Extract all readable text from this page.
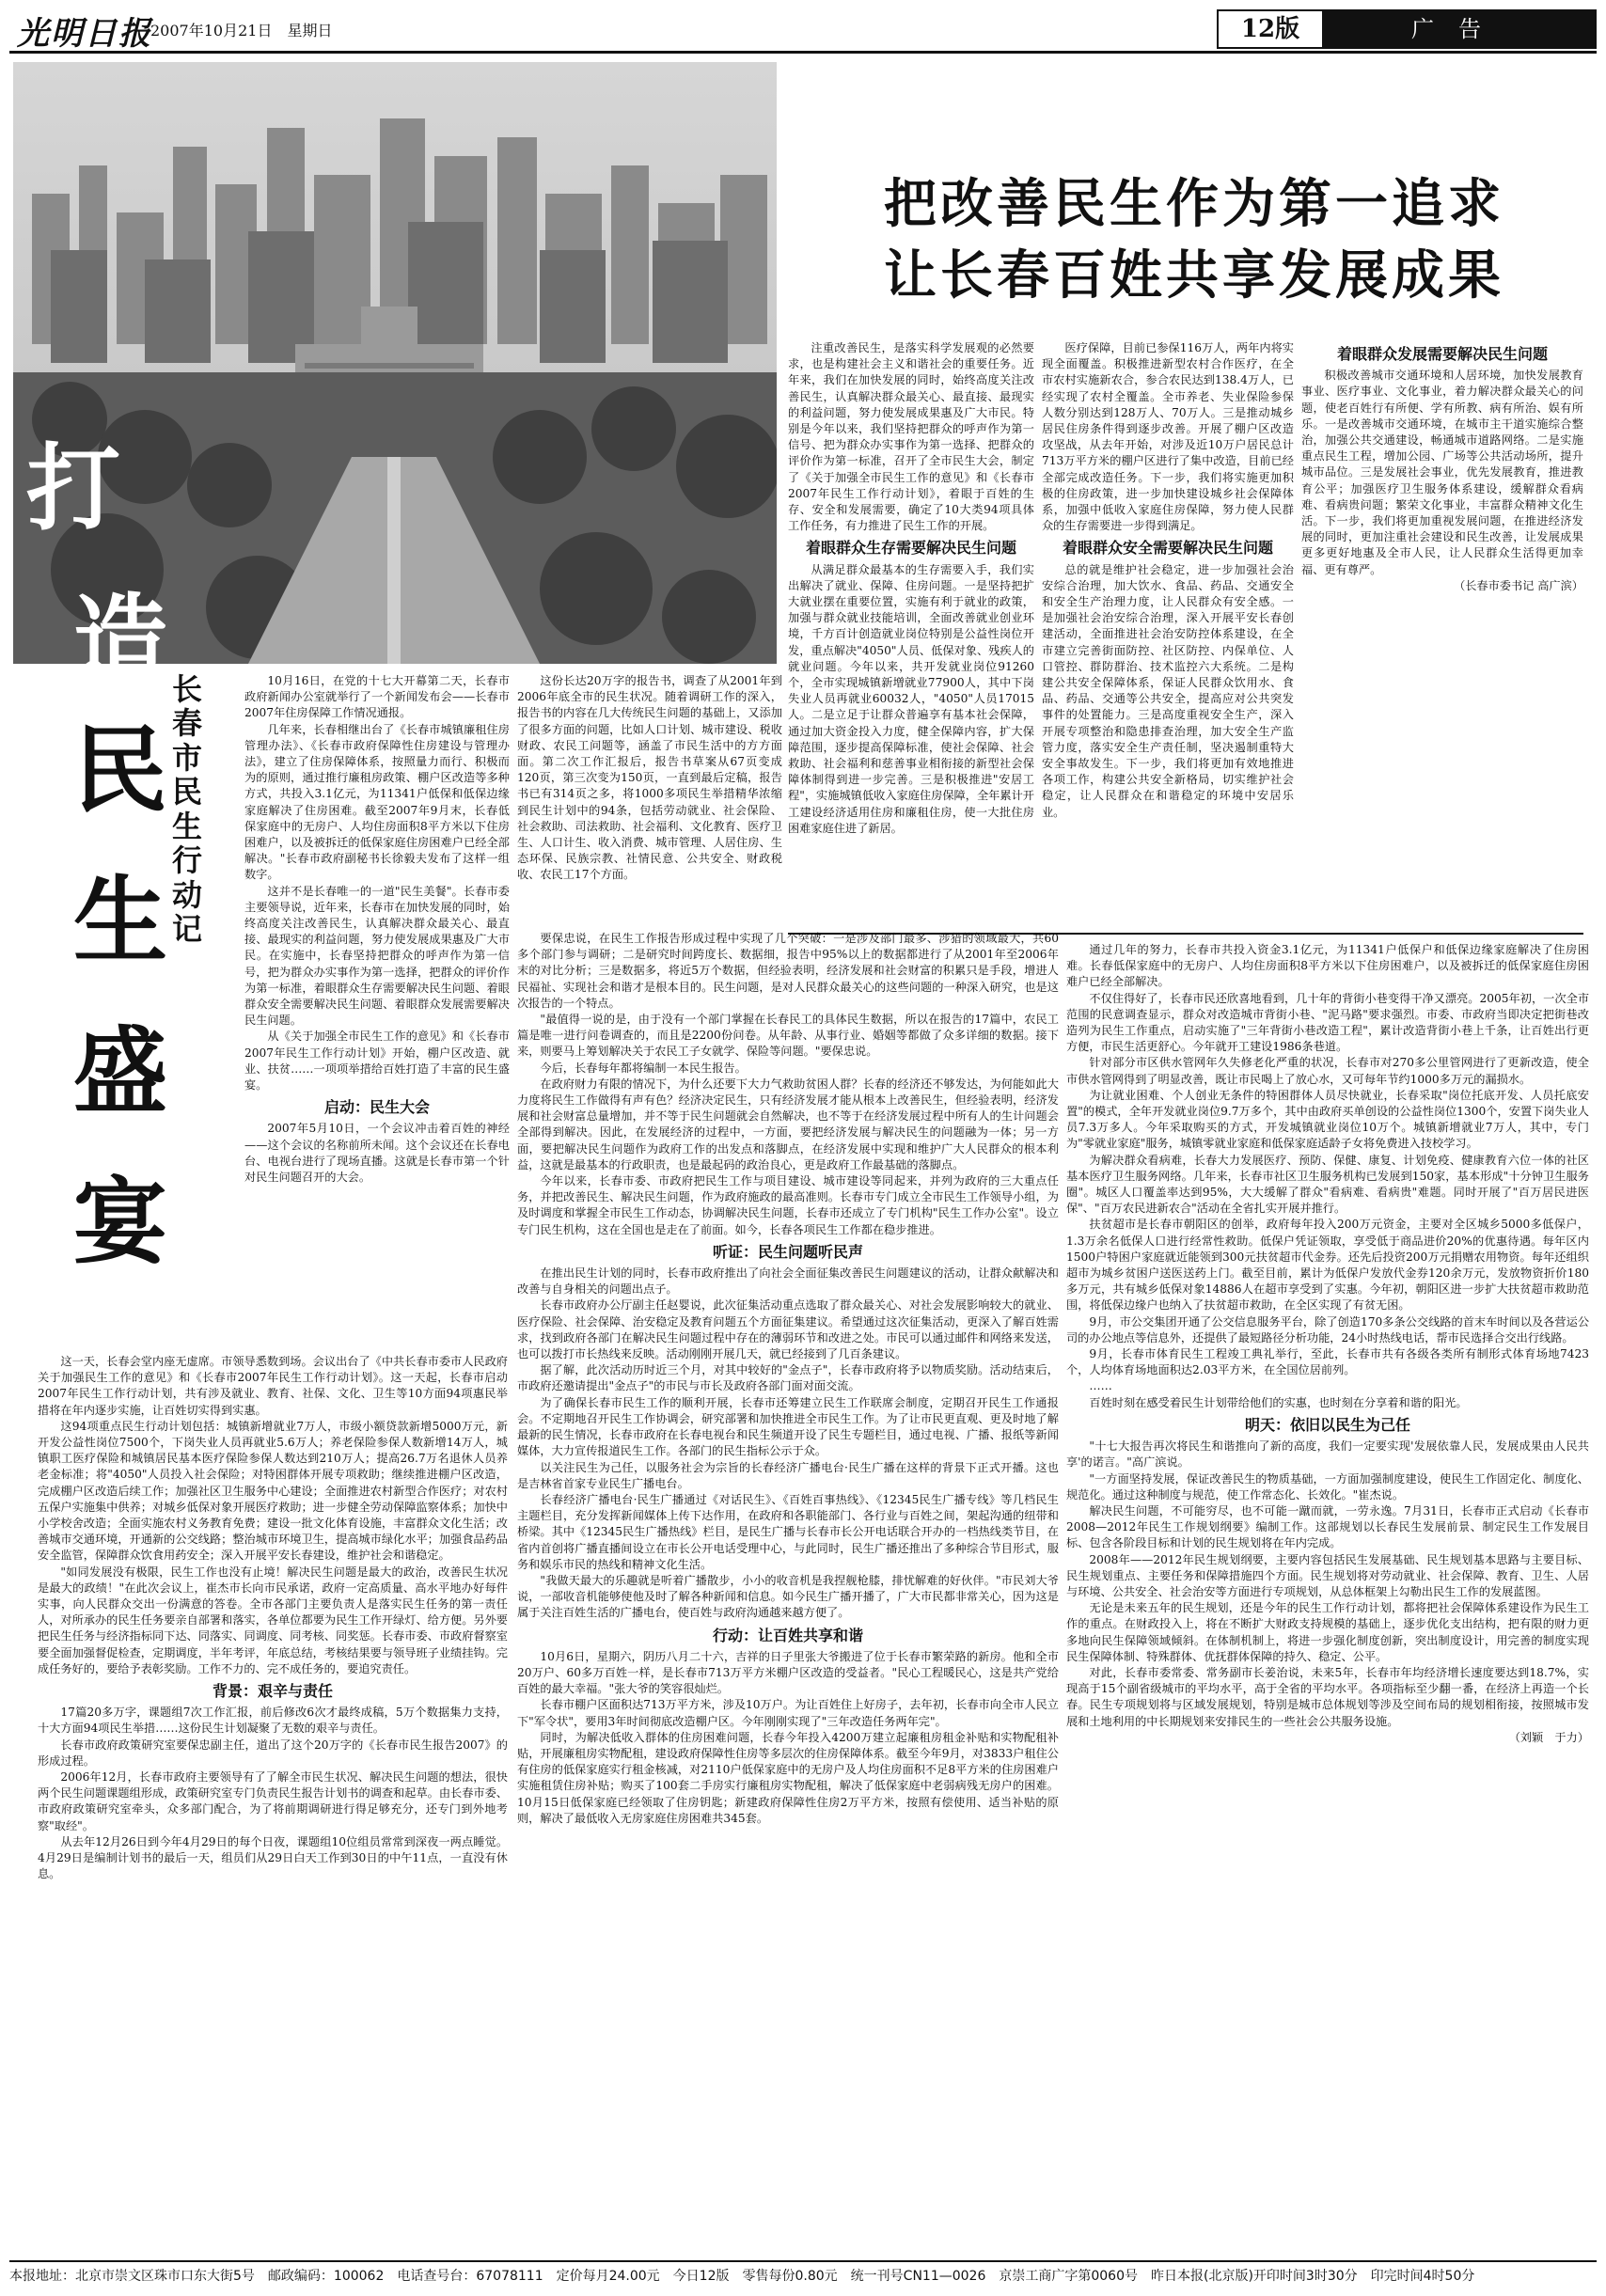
光明日报
2007年10月21日　星期日	12版	广告
打
造
民
生
盛
宴
长春市民生行动记
把改善民生作为第一追求
让长春百姓共享发展成果

注重改善民生，是落实科学发展观的必然要求，也是构建社会主义和谐社会的重要任务。近年来，我们在加快发展的同时，始终高度关注改善民生，认真解决群众最关心、最直接、最现实的利益问题，努力使发展成果惠及广大市民。特别是今年以来，我们坚持把群众的呼声作为第一信号、把为群众办实事作为第一选择、把群众的评价作为第一标准，召开了全市民生大会，制定了《关于加强全市民生工作的意见》和《长春市2007年民生工作行动计划》，着眼于百姓的生存、安全和发展需要，确定了10大类94项具体工作任务，有力推进了民生工作的开展。

着眼群众生存需要解决民生问题

从满足群众最基本的生存需要入手，我们实出解决了就业、保障、住房问题。一是坚持把扩大就业摆在重要位置，实施有利于就业的政策，加强与群众就业技能培训，全面改善就业创业环境，千方百计创造就业岗位特别是公益性岗位开发，重点解决"4050"人员、低保对象、残疾人的就业问题。今年以来，共开发就业岗位91260个，全市实现城镇新增就业77900人，其中下岗失业人员再就业60032人，"4050"人员17015人。二是立足于让群众普遍享有基本社会保障，通过加大资金投入力度，健全保障内容，扩大保障范围，逐步提高保障标准，使社会保障、社会救助、社会福利和慈善事业相衔接的新型社会保障体制得到进一步完善。三是积极推进"安居工程"，实施城镇低收入家庭住房保障，全年累计开工建设经济适用住房和廉租住房，使一大批住房困难家庭住进了新居。

医疗保障，目前已参保116万人，两年内将实现全面覆盖。积极推进新型农村合作医疗，在全市农村实施新农合，参合农民达到138.4万人，已经实现了农村全覆盖。全市养老、失业保险参保人数分别达到128万人、70万人。三是推动城乡居民住房条件得到逐步改善。开展了棚户区改造攻坚战，从去年开始，对涉及近10万户居民总计713万平方米的棚户区进行了集中改造，目前已经全部完成改造任务。下一步，我们将实施更加积极的住房政策，进一步加快建设城乡社会保障体系，加强中低收入家庭住房保障，努力使人民群众的生存需要进一步得到满足。

着眼群众安全需要解决民生问题

总的就是维护社会稳定，进一步加强社会治安综合治理，加大饮水、食品、药品、交通安全和安全生产治理力度，让人民群众有安全感。一是加强社会治安综合治理，深入开展平安长春创建活动，全面推进社会治安防控体系建设，在全市建立完善街面防控、社区防控、内保单位、人口管控、群防群治、技术监控六大系统。二是构建公共安全保障体系，保证人民群众饮用水、食品、药品、交通等公共安全，提高应对公共突发事件的处置能力。三是高度重视安全生产，深入开展专项整治和隐患排查治理，加大安全生产监管力度，落实安全生产责任制，坚决遏制重特大安全事故发生。下一步，我们将更加有效地推进各项工作，构建公共安全新格局，切实维护社会稳定，让人民群众在和谐稳定的环境中安居乐业。

着眼群众发展需要解决民生问题

积极改善城市交通环境和人居环境，加快发展教育事业、医疗事业、文化事业，着力解决群众最关心的问题，使老百姓行有所便、学有所教、病有所治、娱有所乐。一是改善城市交通环境，在城市主干道实施综合整治，加强公共交通建设，畅通城市道路网络。二是实施重点民生工程，增加公园、广场等公共活动场所，提升城市品位。三是发展社会事业，优先发展教育，推进教育公平；加强医疗卫生服务体系建设，缓解群众看病难、看病贵问题；繁荣文化事业，丰富群众精神文化生活。下一步，我们将更加重视发展问题，在推进经济发展的同时，更加注重社会建设和民生改善，让发展成果更多更好地惠及全市人民，让人民群众生活得更加幸福、更有尊严。

（长春市委书记 高广滨）

10月16日，在党的十七大开幕第二天，长春市政府新闻办公室就举行了一个新闻发布会——长春市2007年住房保障工作情况通报。

几年来，长春相继出台了《长春市城镇廉租住房管理办法》、《长春市政府保障性住房建设与管理办法》，建立了住房保障体系，按照量力而行、积极而为的原则，通过推行廉租房政策、棚户区改造等多种方式，共投入3.1亿元，为11341户低保和低保边缘家庭解决了住房困难。截至2007年9月末，长春低保家庭中的无房户、人均住房面积8平方米以下住房困难户，以及被拆迁的低保家庭住房困难户已经全部解决。"长春市政府副秘书长徐毅夫发布了这样一组数字。

这并不是长春唯一的一道"民生美餐"。长春市委主要领导说，近年来，长春市在加快发展的同时，始终高度关注改善民生，认真解决群众最关心、最直接、最现实的利益问题，努力使发展成果惠及广大市民。在实施中，长春坚持把群众的呼声作为第一信号，把为群众办实事作为第一选择，把群众的评价作为第一标准，着眼群众生存需要解决民生问题、着眼群众安全需要解决民生问题、着眼群众发展需要解决民生问题。

从《关于加强全市民生工作的意见》和《长春市2007年民生工作行动计划》开始，棚户区改造、就业、扶贫……一项项举措给百姓打造了丰富的民生盛宴。

启动：民生大会

2007年5月10日，一个会议冲击着百姓的神经——这个会议的名称前所未闻。这个会议还在长春电台、电视台进行了现场直播。这就是长春市第一个针对民生问题召开的大会。

这份长达20万字的报告书，调查了从2001年到2006年底全市的民生状况。随着调研工作的深入，报告书的内容在几大传统民生问题的基础上，又添加了很多方面的问题，比如人口计划、城市建设、税收财政、农民工问题等，涵盖了市民生活中的方方面面。第二次工作汇报后，报告书草案从67页变成120页，第三次变为150页，一直到最后定稿，报告书已有314页之多，将1000多项民生举措精华浓缩到民生计划中的94条，包括劳动就业、社会保险、社会救助、司法救助、社会福利、文化教育、医疗卫生、人口计生、收入消费、城市管理、人居住房、生态环保、民族宗教、社情民意、公共安全、财政税收、农民工17个方面。

这一天，长春会堂内座无虚席。市领导悉数到场。会议出台了《中共长春市委市人民政府关于加强民生工作的意见》和《长春市2007年民生工作行动计划》。这一天起，长春市启动2007年民生工作行动计划，共有涉及就业、教育、社保、文化、卫生等10方面94项惠民举措将在年内逐步实施，让百姓切实得到实惠。

这94项重点民生行动计划包括：城镇新增就业7万人，市级小额贷款新增5000万元，新开发公益性岗位7500个，下岗失业人员再就业5.6万人；养老保险参保人数新增14万人，城镇职工医疗保险和城镇居民基本医疗保险参保人数达到210万人；提高26.7万名退休人员养老金标准；将"4050"人员投入社会保险；对特困群体开展专项救助；继续推进棚户区改造，完成棚户区改造后续工作；加强社区卫生服务中心建设；全面推进农村新型合作医疗；对农村五保户实施集中供养；对城乡低保对象开展医疗救助；进一步健全劳动保障监察体系；加快中小学校舍改造；全面实施农村义务教育免费；建设一批文化体育设施，丰富群众文化生活；改善城市交通环境，开通新的公交线路；整治城市环境卫生，提高城市绿化水平；加强食品药品安全监管，保障群众饮食用药安全；深入开展平安长春建设，维护社会和谐稳定。

"如同发展没有极限，民生工作也没有止境！解决民生问题是最大的政治，改善民生状况是最大的政绩！"在此次会议上，崔杰市长向市民承诺，政府一定高质量、高水平地办好每件实事，向人民群众交出一份满意的答卷。全市各部门主要负责人是落实民生任务的第一责任人，对所承办的民生任务要亲自部署和落实，各单位都要为民生工作开绿灯、给方便。另外要把民生任务与经济指标同下达、同落实、同调度、同考核、同奖惩。长春市委、市政府督察室要全面加强督促检查，定期调度，半年考评，年底总结，考核结果要与领导班子业绩挂钩。完成任务好的，要给予表彰奖励。工作不力的、完不成任务的，要追究责任。

背景：艰辛与责任

17篇20多万字，课题组7次工作汇报，前后修改6次才最终成稿，5万个数据集力支持，十大方面94项民生举措……这份民生计划凝聚了无数的艰辛与责任。

长春市政府政策研究室要保忠副主任，道出了这个20万字的《长春市民生报告2007》的形成过程。

2006年12月，长春市政府主要领导有了了解全市民生状况、解决民生问题的想法，很快两个民生问题课题组形成，政策研究室专门负责民生报告计划书的调查和起草。由长春市委、市政府政策研究室牵头，众多部门配合，为了将前期调研进行得足够充分，还专门到外地考察"取经"。

从去年12月26日到今年4月29日的每个日夜，课题组10位组员常常到深夜一两点睡觉。4月29日是编制计划书的最后一天，组员们从29日白天工作到30日的中午11点，一直没有休息。

要保忠说，在民生工作报告形成过程中实现了几个突破：一是涉及部门最多、涉猎的领域最大，共60多个部门参与调研；二是研究时间跨度长、数据细，报告中95%以上的数据都进行了从2001年至2006年末的对比分析；三是数据多，将近5万个数据，但经验表明，经济发展和社会财富的积累只是手段，增进人民福祉、实现社会和谐才是根本目的。民生问题，是对人民群众最关心的这些问题的一种深入研究，也是这次报告的一个特点。

"最值得一说的是，由于没有一个部门掌握在长春民工的具体民生数据，所以在报告的17篇中，农民工篇是唯一进行问卷调查的，而且是2200份问卷。从年龄、从事行业、婚姻等都做了众多详细的数据。接下来，则要马上筹划解决关于农民工子女就学、保险等问题。"要保忠说。

今后，长春每年都将编制一本民生报告。

在政府财力有限的情况下，为什么还要下大力气救助贫困人群？长春的经济还不够发达，为何能如此大力度将民生工作做得有声有色？经济决定民生，只有经济发展才能从根本上改善民生，但经验表明，经济发展和社会财富总量增加，并不等于民生问题就会自然解决，也不等于在经济发展过程中所有人的生计问题会全部得到解决。因此，在发展经济的过程中，一方面，要把经济发展与解决民生的问题融为一体；另一方面，要把解决民生问题作为政府工作的出发点和落脚点，在经济发展中实现和维护广大人民群众的根本利益，这就是最基本的行政职责，也是最起码的政治良心，更是政府工作最基础的落脚点。

今年以来，长春市委、市政府把民生工作与项目建设、城市建设等同起来，并列为政府的三大重点任务，并把改善民生、解决民生问题，作为政府施政的最高准则。长春市专门成立全市民生工作领导小组，为及时调度和掌握全市民生工作动态，协调解决民生问题，长春市还成立了专门机构"民生工作办公室"。设立专门民生机构，这在全国也是走在了前面。如今，长春各项民生工作都在稳步推进。

听证：民生问题听民声

在推出民生计划的同时，长春市政府推出了向社会全面征集改善民生问题建议的活动，让群众献解决和改善与自身相关的问题出点子。

长春市政府办公厅副主任赵婴说，此次征集活动重点选取了群众最关心、对社会发展影响较大的就业、医疗保险、社会保障、治安稳定及教育问题五个方面征集建议。希望通过这次征集活动，更深入了解百姓需求，找到政府各部门在解决民生问题过程中存在的薄弱环节和改进之处。市民可以通过邮件和网络来发送，也可以拨打市长热线来反映。活动刚刚开展几天，就已经接到了几百条建议。

据了解，此次活动历时近三个月，对其中较好的"金点子"，长春市政府将予以物质奖励。活动结束后，市政府还邀请提出"金点子"的市民与市长及政府各部门面对面交流。

为了确保长春市民生工作的顺利开展，长春市还筹建立民生工作联席会制度，定期召开民生工作通报会。不定期地召开民生工作协调会，研究部署和加快推进全市民生工作。为了让市民更直观、更及时地了解最新的民生情况，长春市政府在长春电视台和民生频道开设了民生专题栏目，通过电视、广播、报纸等新闻媒体，大力宣传报道民生工作。各部门的民生指标公示于众。

以关注民生为己任，以服务社会为宗旨的长春经济广播电台·民生广播在这样的背景下正式开播。这也是吉林省首家专业民生广播电台。

长春经济广播电台·民生广播通过《对话民生》、《百姓百事热线》、《12345民生广播专线》等几档民生主题栏目，充分发挥新闻媒体上传下达作用，在政府和各职能部门、各行业与百姓之间，架起沟通的纽带和桥梁。其中《12345民生广播热线》栏目，是民生广播与长春市长公开电话联合开办的一档热线类节目，在省内首创将广播直播间设立在市长公开电话受理中心，与此同时，民生广播还推出了多种综合节目形式，服务和娱乐市民的热线和精神文化生活。

"我做天最大的乐趣就是听着广播散步，小小的收音机是我捏舰枪膝，排忧解难的好伙伴。"市民刘大爷说，一部收音机能够使他及时了解各种新闻和信息。如今民生广播开播了，广大市民都非常关心，因为这是属于关注百姓生活的广播电台，使百姓与政府沟通越来越方便了。

行动：让百姓共享和谐

10月6日，星期六，阴历八月二十六，吉祥的日子里张大爷搬进了位于长春市繁荣路的新房。他和全市20万户、60多万百姓一样，是长春市713万平方米棚户区改造的受益者。"民心工程暖民心，这是共产党给百姓的最大幸福。"张大爷的笑容很灿烂。

长春市棚户区面积达713万平方米，涉及10万户。为让百姓住上好房子，去年初，长春市向全市人民立下"军令状"，要用3年时间彻底改造棚户区。今年刚刚实现了"三年改造任务两年完"。

同时，为解决低收入群体的住房困难问题，长春今年投入4200万建立起廉租房租金补贴和实物配租补贴，开展廉租房实物配租，建设政府保障性住房等多层次的住房保障体系。截至今年9月，对3833户租住公有住房的低保家庭实行租金核减，对2110户低保家庭中的无房户及人均住房面积不足8平方米的住房困难户实施租赁住房补贴；购买了100套二手房实行廉租房实物配租，解决了低保家庭中老弱病残无房户的困难。10月15日低保家庭已经领取了住房钥匙；新建政府保障性住房2万平方米，按照有偿使用、适当补贴的原则，解决了最低收入无房家庭住房困难共345套。

通过几年的努力，长春市共投入资金3.1亿元，为11341户低保户和低保边缘家庭解决了住房困难。长春低保家庭中的无房户、人均住房面积8平方米以下住房困难户，以及被拆迁的低保家庭住房困难户已经全部解决。

不仅住得好了，长春市民还欣喜地看到，几十年的背街小巷变得干净又漂亮。2005年初，一次全市范围的民意调查显示，群众对改造城市背街小巷、"泥马路"要求强烈。市委、市政府当即决定把街巷改造列为民生工作重点，启动实施了"三年背街小巷改造工程"，累计改造背街小巷上千条，让百姓出行更方便，市民生活更舒心。今年就开工建设1986条巷道。

针对部分市区供水管网年久失修老化严重的状况，长春市对270多公里管网进行了更新改造，使全市供水管网得到了明显改善，既让市民喝上了放心水，又可每年节约1000多万元的漏损水。

为让就业困难、个人创业无条件的特困群体人员尽快就业，长春采取"岗位托底开发、人员托底安置"的模式，全年开发就业岗位9.7万多个，其中由政府买单创设的公益性岗位1300个，安置下岗失业人员7.3万多人。今年采取购买的方式，开发城镇就业岗位10万个。城镇新增就业7万人，其中，专门为"零就业家庭"服务，城镇零就业家庭和低保家庭适龄子女将免费进入技校学习。

为解决群众看病难，长春大力发展医疗、预防、保健、康复、计划免疫、健康教育六位一体的社区基本医疗卫生服务网络。几年来，长春市社区卫生服务机构已发展到150家，基本形成"十分钟卫生服务圈"。城区人口覆盖率达到95%，大大缓解了群众"看病难、看病贵"难题。同时开展了"百万居民进医保"、"百万农民进新农合"活动在全省扎实开展并推行。

扶贫超市是长春市朝阳区的创举，政府每年投入200万元资金，主要对全区城乡5000多低保户，1.3万余名低保人口进行经常性救助。低保户凭证领取，享受低于商品进价20%的优惠待遇。每年区内1500户特困户家庭就近能领到300元扶贫超市代金券。还先后投资200万元捐赠农用物资。每年还组织超市为城乡贫困户送医送药上门。截至目前，累计为低保户发放代金券120余万元，发放物资折价180多万元，共有城乡低保对象14886人在超市享受到了实惠。今年初，朝阳区进一步扩大扶贫超市救助范围，将低保边缘户也纳入了扶贫超市救助，在全区实现了有贫无困。

9月，市公交集团开通了公交信息服务平台，除了创造170多条公交线路的首末车时间以及各营运公司的办公地点等信息外，还提供了最短路径分析功能，24小时热线电话，帮市民选择合交出行线路。

9月，长春市体育民生工程竣工典礼举行，至此，长春市共有各级各类所有制形式体育场地7423个，人均体育场地面积达2.03平方米，在全国位居前列。

……

百姓时刻在感受着民生计划带给他们的实惠，也时刻在分享着和谐的阳光。

明天：依旧以民生为己任

"十七大报告再次将民生和谐推向了新的高度，我们一定要实现'发展依靠人民，发展成果由人民共享'的诺言。"高广滨说。

"一方面坚持发展，保证改善民生的物质基础，一方面加强制度建设，使民生工作固定化、制度化、规范化。通过这种制度与规范，使工作常态化、长效化。"崔杰说。

解决民生问题，不可能穷尽，也不可能一蹴而就，一劳永逸。7月31日，长春市正式启动《长春市2008—2012年民生工作规划纲要》编制工作。这部规划以长春民生发展前景、制定民生工作发展目标、包含各阶段目标和计划的民生规划将在年内完成。

2008年——2012年民生规划纲要，主要内容包括民生发展基础、民生规划基本思路与主要目标、民生规划重点、主要任务和保障措施四个方面。民生规划将对劳动就业、社会保障、教育、卫生、人居与环境、公共安全、社会治安等方面进行专项规划，从总体框架上勾勒出民生工作的发展蓝图。

无论是未来五年的民生规划，还是今年的民生工作行动计划，都将把社会保障体系建设作为民生工作的重点。在财政投入上，将在不断扩大财政支持规模的基础上，逐步优化支出结构，把有限的财力更多地向民生保障领域倾斜。在体制机制上，将进一步强化制度创新，突出制度设计，用完善的制度实现民生保障体制、特殊群体、优抚群体保障的持久、稳定、公平。

对此，长春市委常委、常务副市长姜治说，未来5年，长春市年均经济增长速度要达到18.7%，实现高于15个副省级城市的平均水平，高于全省的平均水平。各项指标至少翻一番，在经济上再造一个长春。民生专项规划将与区域发展规划，特别是城市总体规划等涉及空间布局的规划相衔接，按照城市发展和土地利用的中长期规划来安排民生的一些社会公共服务设施。

（刘颖　于力）

本报地址：北京市崇文区珠市口东大街5号　邮政编码：100062　电话查号台：67078111　定价每月24.00元　今日12版　零售每份0.80元　统一刊号CN11—0026　京崇工商广字第0060号　昨日本报(北京版)开印时间3时30分　印完时间4时50分
